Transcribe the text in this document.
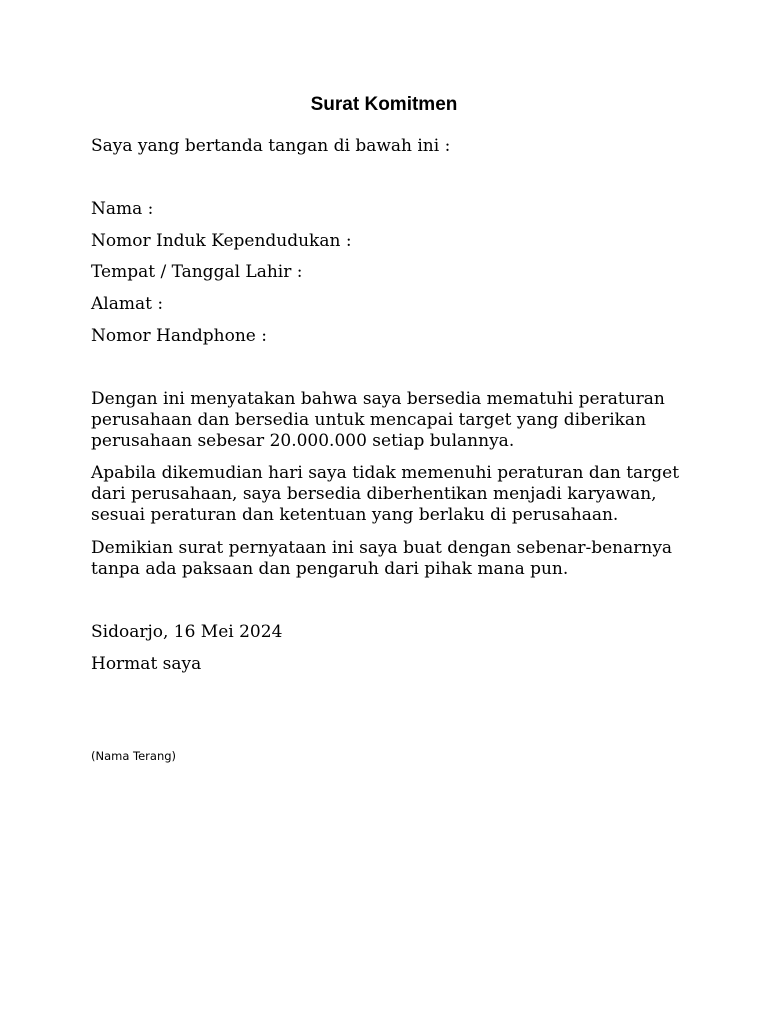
Surat Komitmen
Saya yang bertanda tangan di bawah ini :
Nama :
Nomor Induk Kependudukan :
Tempat / Tanggal Lahir :
Alamat :
Nomor Handphone :
Dengan ini menyatakan bahwa saya bersedia mematuhi peraturan
perusahaan dan bersedia untuk mencapai target yang diberikan
perusahaan sebesar 20.000.000 setiap bulannya.
Apabila dikemudian hari saya tidak memenuhi peraturan dan target
dari perusahaan, saya bersedia diberhentikan menjadi karyawan,
sesuai peraturan dan ketentuan yang berlaku di perusahaan.
Demikian surat pernyataan ini saya buat dengan sebenar-benarnya
tanpa ada paksaan dan pengaruh dari pihak mana pun.
Sidoarjo, 16 Mei 2024
Hormat saya
(Nama Terang)
